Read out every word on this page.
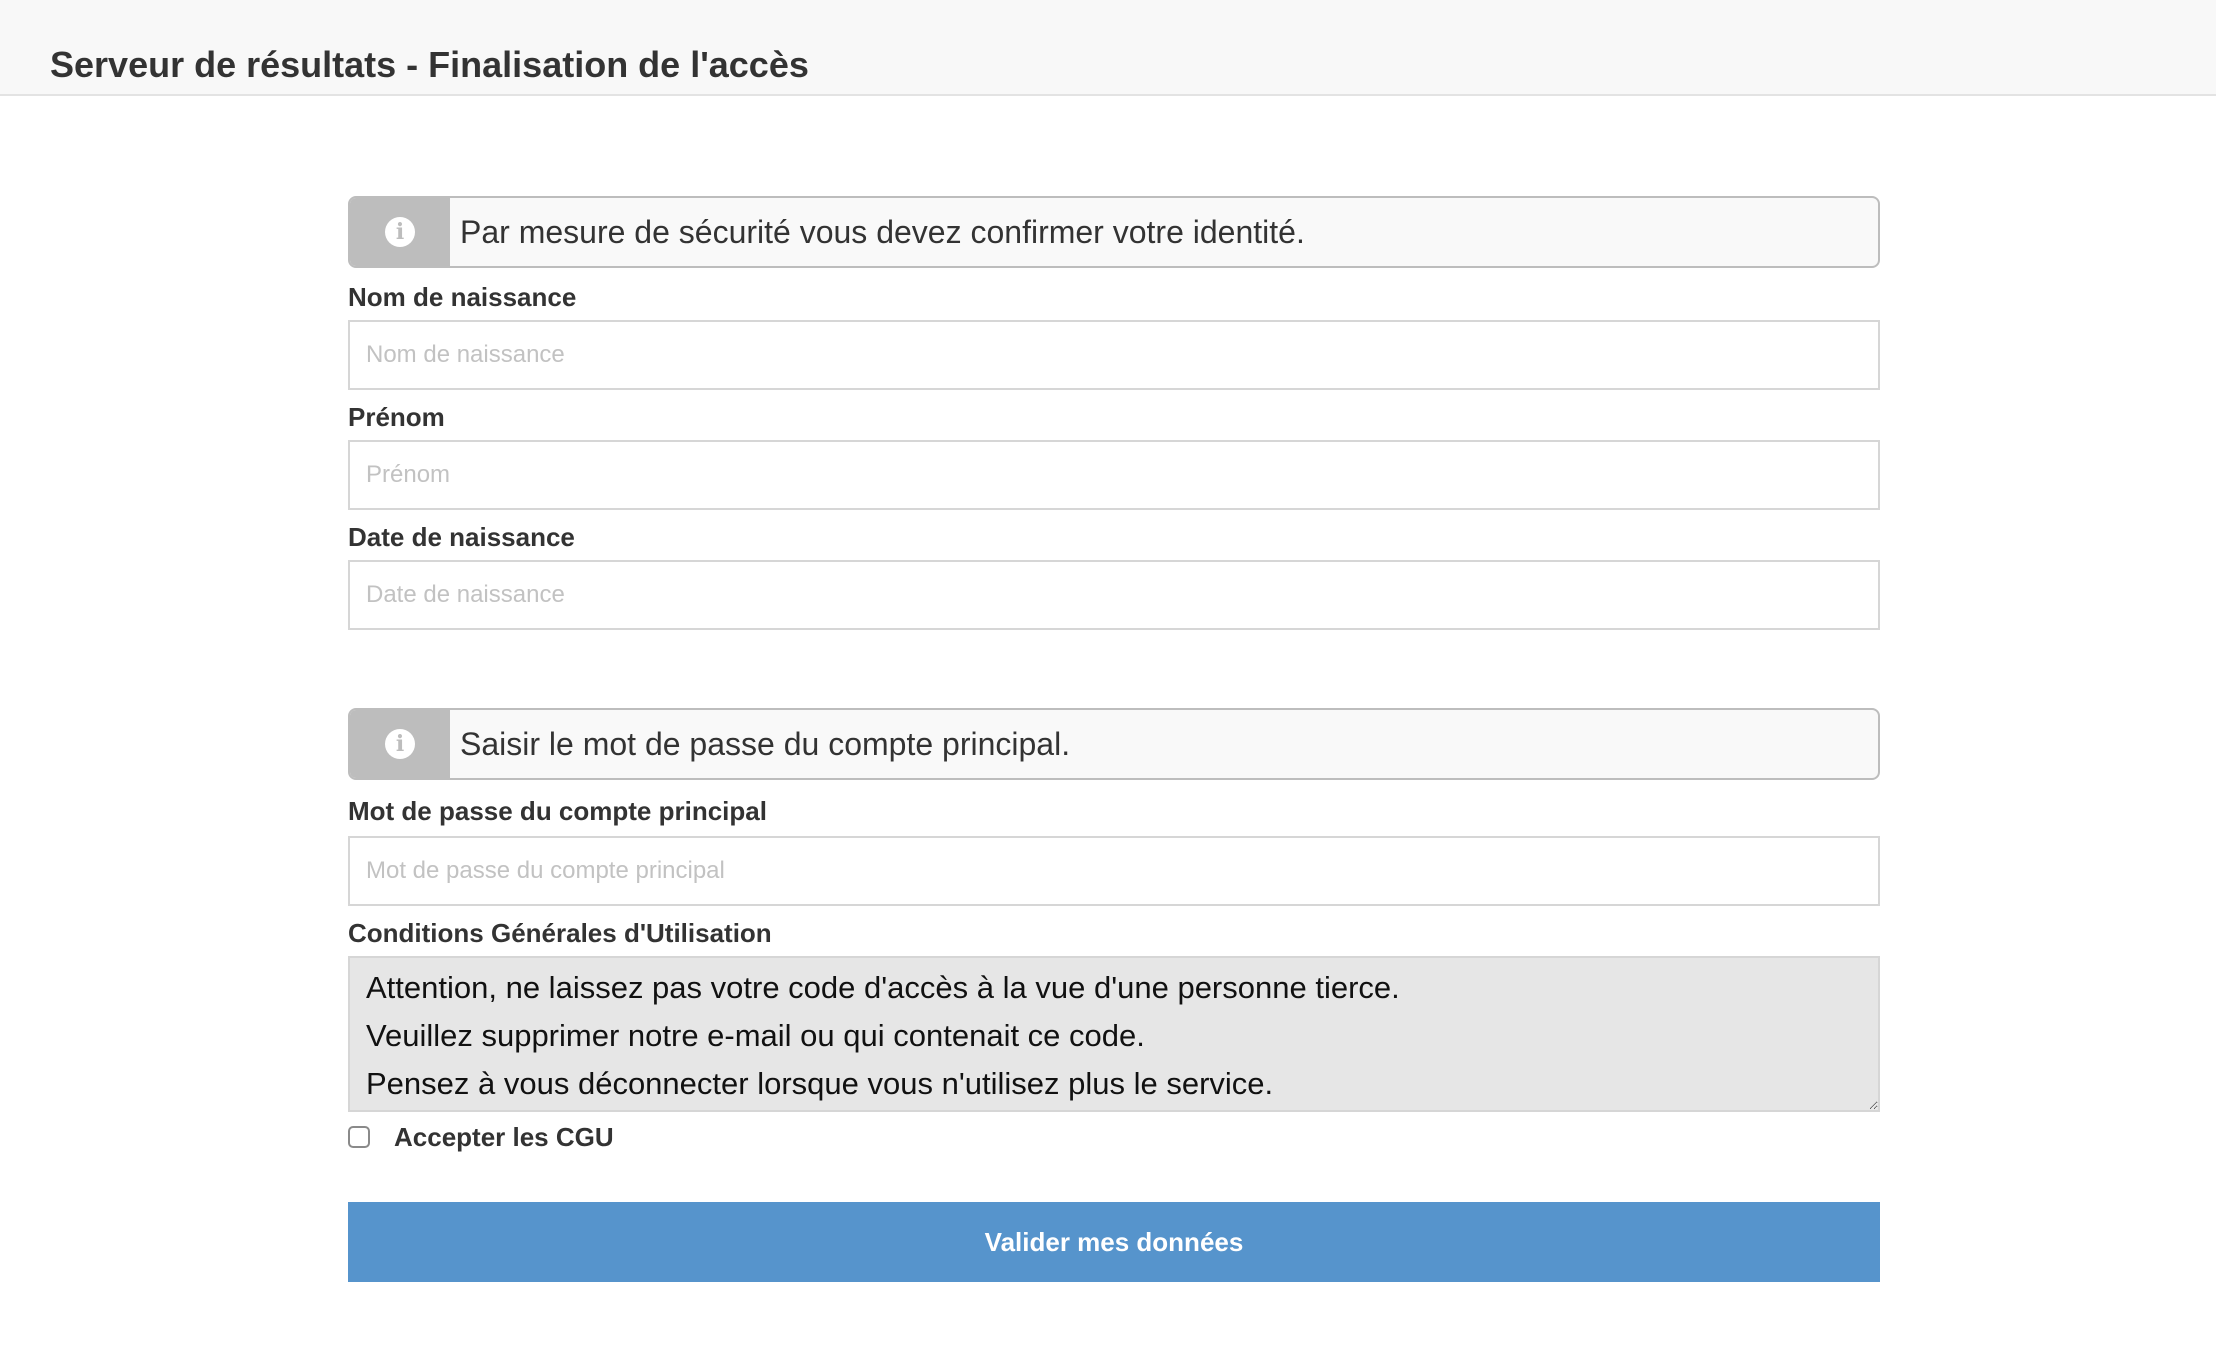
Serveur de résultats - Finalisation de l'accès
i	Par mesure de sécurité vous devez confirmer votre identité.
Nom de naissance
Nom de naissance
Prénom
Prénom
Date de naissance
Date de naissance
i	Saisir le mot de passe du compte principal.
Mot de passe du compte principal
Conditions Générales d'Utilisation
Attention, ne laissez pas votre code d'accès à la vue d'une personne tierce. Veuillez supprimer notre e-mail ou qui contenait ce code. Pensez à vous déconnecter lorsque vous n'utilisez plus le service.
Accepter les CGU
Valider mes données
